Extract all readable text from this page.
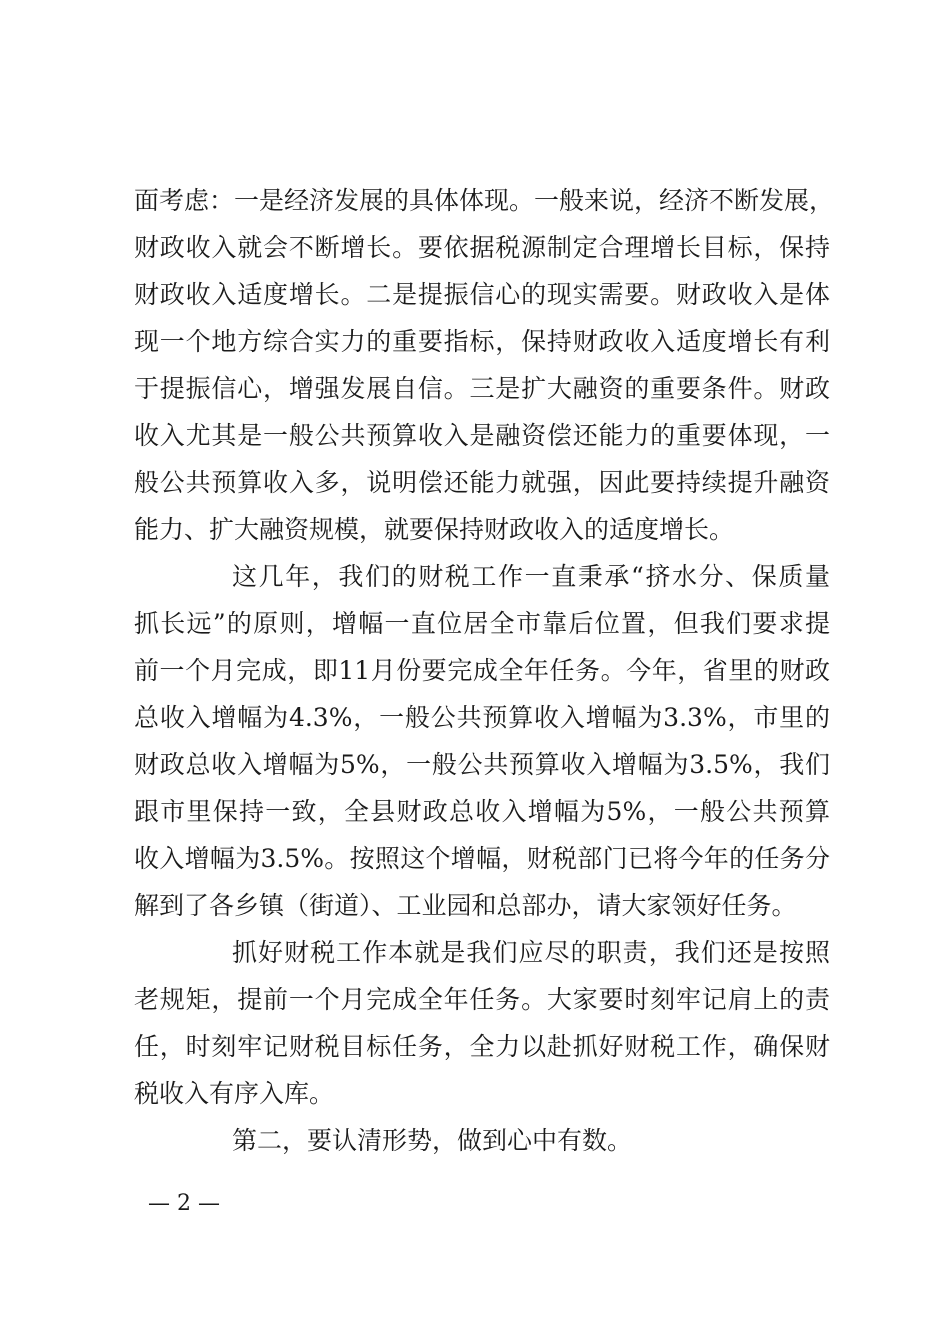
面考虑：一是经济发展的具体体现。一般来说，经济不断发展，
财政收入就会不断增长。要依据税源制定合理增长目标，保持
财政收入适度增长。二是提振信心的现实需要。财政收入是体
现一个地方综合实力的重要指标，保持财政收入适度增长有利
于提振信心，增强发展自信。三是扩大融资的重要条件。财政
收入尤其是一般公共预算收入是融资偿还能力的重要体现，一
般公共预算收入多，说明偿还能力就强，因此要持续提升融资
能力、扩大融资规模，就要保持财政收入的适度增长。
这几年，我们的财税工作一直秉承“挤水分、保质量
抓长远”的原则，增幅一直位居全市靠后位置，但我们要求提
前一个月完成，即11月份要完成全年任务。今年，省里的财政
总收入增幅为4.3%，一般公共预算收入增幅为3.3%，市里的
财政总收入增幅为5%，一般公共预算收入增幅为3.5%，我们
跟市里保持一致，全县财政总收入增幅为5%，一般公共预算
收入增幅为3.5%。按照这个增幅，财税部门已将今年的任务分
解到了各乡镇（街道）、工业园和总部办，请大家领好任务。
抓好财税工作本就是我们应尽的职责，我们还是按照
老规矩，提前一个月完成全年任务。大家要时刻牢记肩上的责
任，时刻牢记财税目标任务，全力以赴抓好财税工作，确保财
税收入有序入库。
第二，要认清形势，做到心中有数。
— 2 —
